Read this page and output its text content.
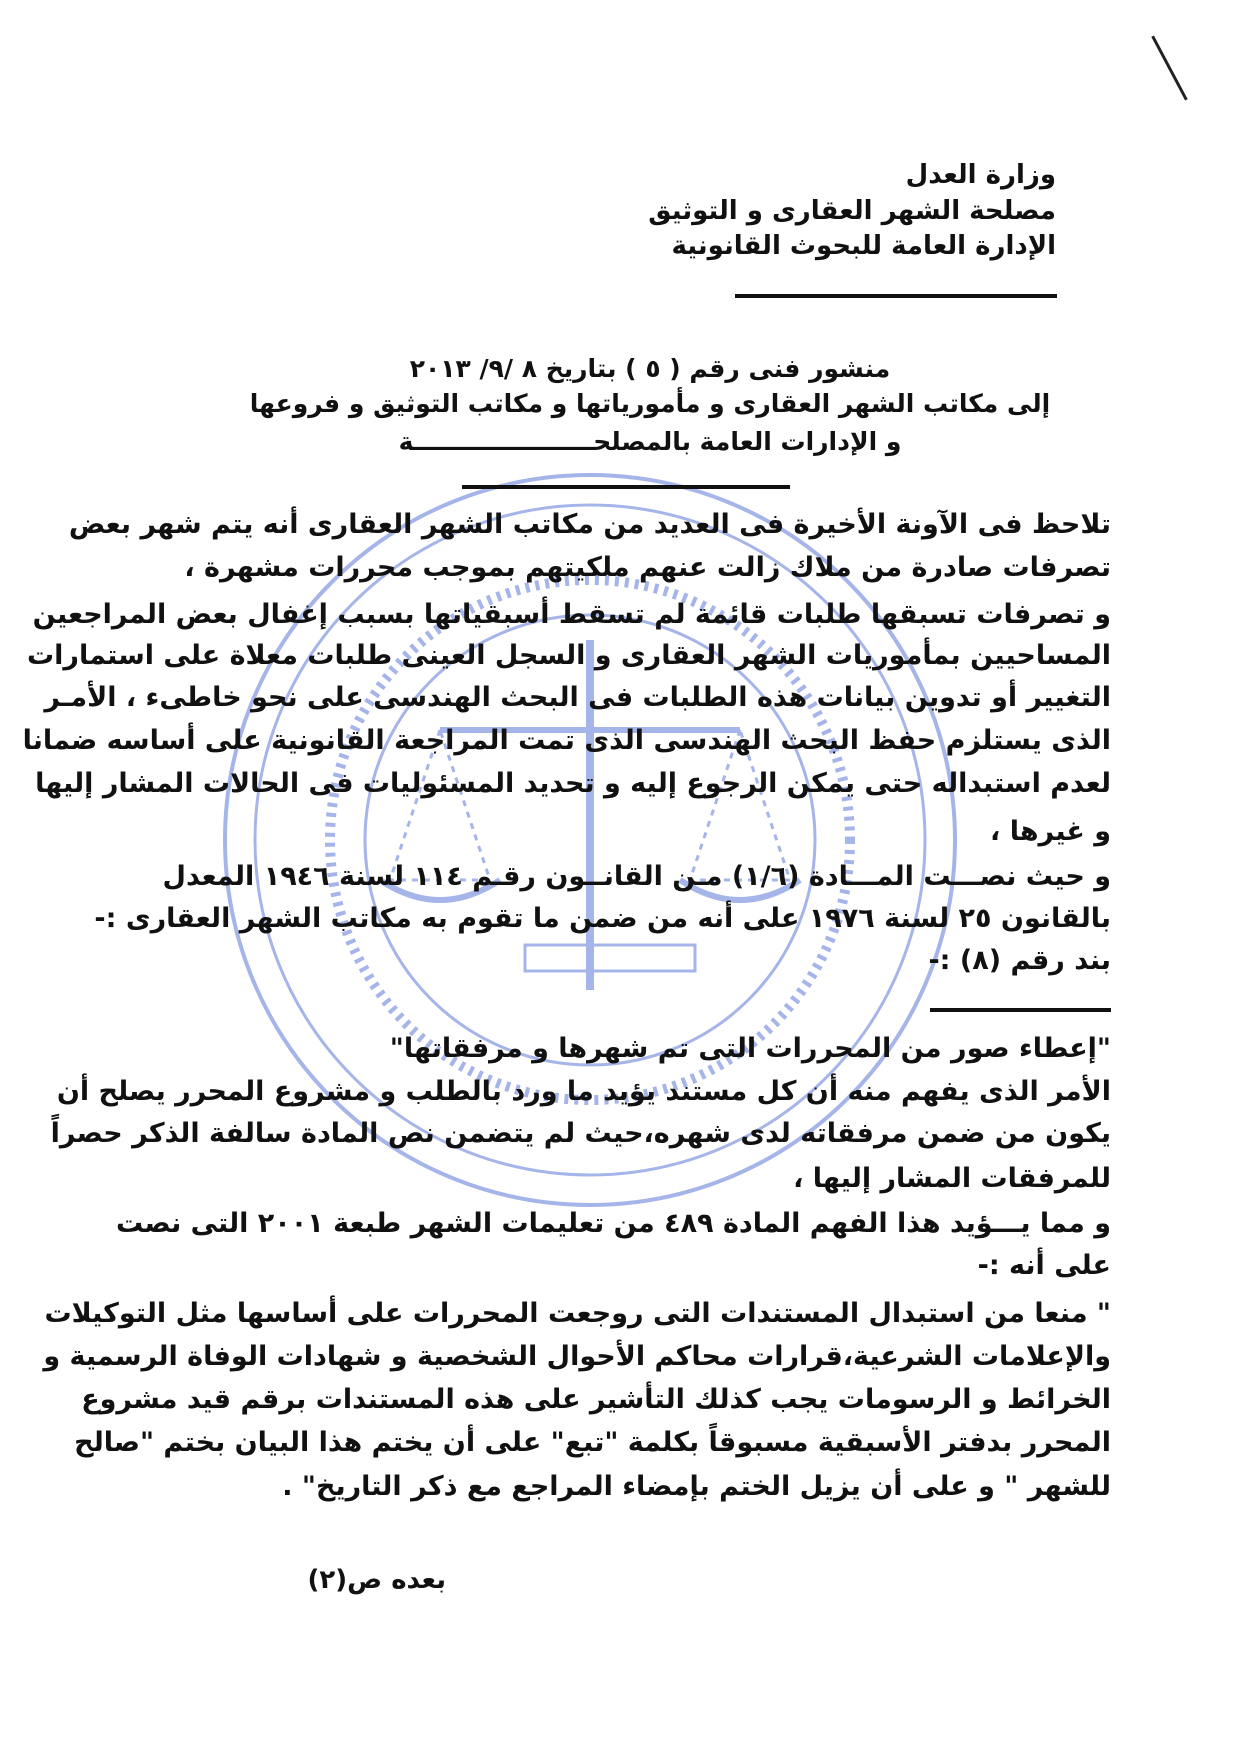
وزارة العدل
مصلحة الشهر العقارى و التوثيق
الإدارة العامة للبحوث القانونية
منشور فنى رقم ( ٥ ) بتاريخ ٨ /٩/ ٢٠١٣
إلى مكاتب الشهر العقارى و مأمورياتها و مكاتب التوثيق و فروعها
و الإدارات العامة بالمصلحـــــــــــــــــــــة
تلاحظ فى الآونة الأخيرة فى العديد من مكاتب الشهر العقارى أنه يتم شهر بعض
تصرفات صادرة من ملاك زالت عنهم ملكيتهم بموجب محررات مشهرة ،
و تصرفات تسبقها طلبات قائمة لم تسقط أسبقياتها بسبب إغفال بعض المراجعين
المساحيين بمأموريات الشهر العقارى و السجل العينى طلبات معلاة على استمارات
التغيير أو تدوين بيانات هذه الطلبات فى البحث الهندسى على نحو خاطىء ، الأمـر
الذى يستلزم حفظ البحث الهندسى الذى تمت المراجعة القانونية على أساسه ضمانا
لعدم استبداله حتى يمكن الرجوع إليه و تحديد المسئوليات فى الحالات المشار إليها
و غيرها ،
و حيث نصـــت المـــادة (١/٦) مـن القانــون رقـم ١١٤ لسنة ١٩٤٦ المعدل
بالقانون ٢٥ لسنة ١٩٧٦ على أنه من ضمن ما تقوم به مكاتب الشهر العقارى :-
بند رقم (٨) :-
"إعطاء صور من المحررات التى تم شهرها و مرفقاتها"
الأمر الذى يفهم منه أن كل مستند يؤيد ما ورد بالطلب و مشروع المحرر يصلح أن
يكون من ضمن مرفقاته لدى شهره،حيث لم يتضمن نص المادة سالفة الذكر حصراً
للمرفقات المشار إليها ،
و مما يـــؤيد هذا الفهم المادة ٤٨٩ من تعليمات الشهر طبعة ٢٠٠١ التى نصت
على أنه :-
" منعا من استبدال المستندات التى روجعت المحررات على أساسها مثل التوكيلات
والإعلامات الشرعية،قرارات محاكم الأحوال الشخصية و شهادات الوفاة الرسمية و
الخرائط و الرسومات يجب كذلك التأشير على هذه المستندات برقم قيد مشروع
المحرر بدفتر الأسبقية مسبوقاً بكلمة "تبع" على أن يختم هذا البيان بختم "صالح
للشهر " و على أن يزيل الختم بإمضاء المراجع مع ذكر التاريخ" .
بعده ص(٢)
